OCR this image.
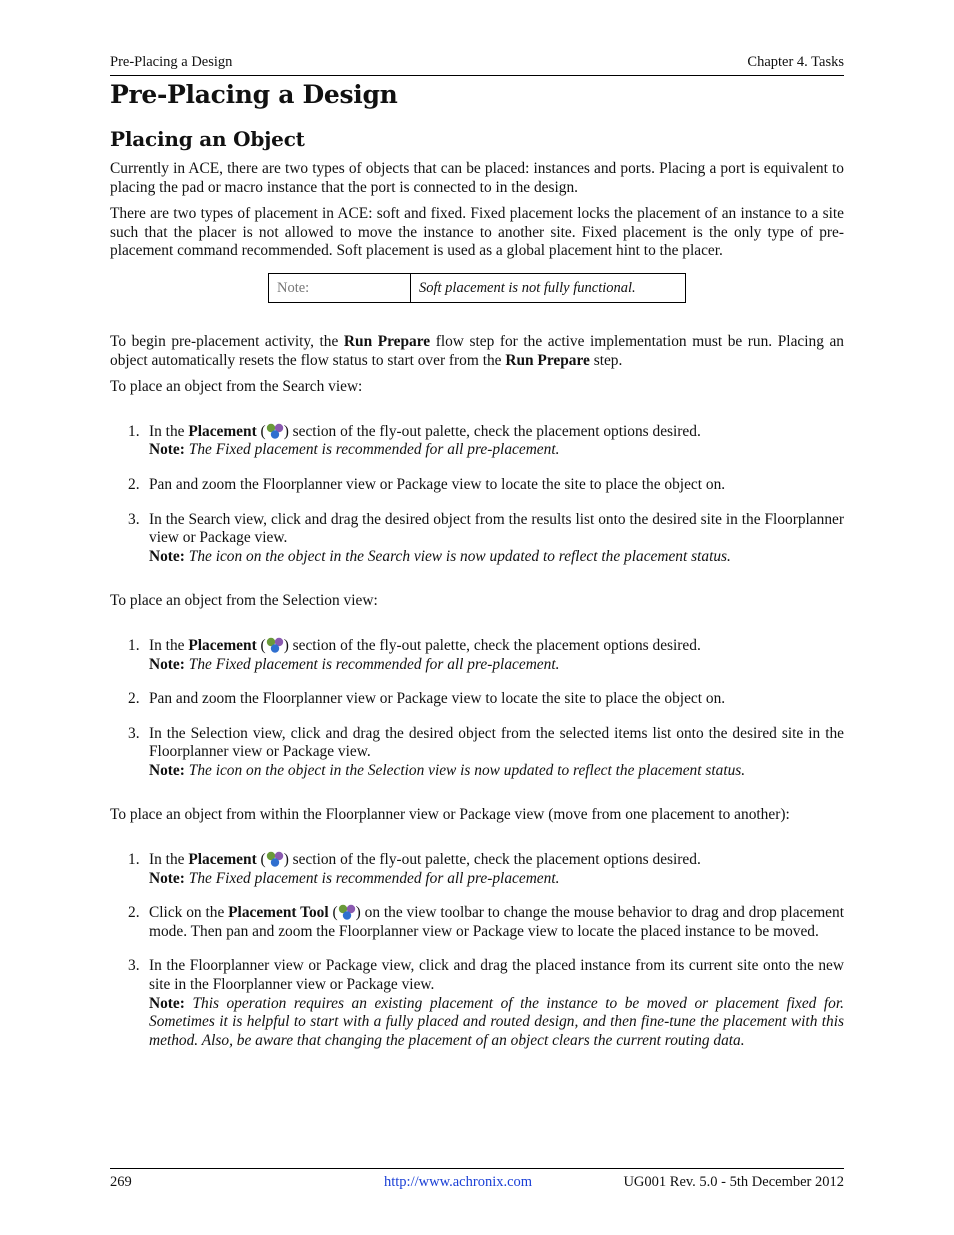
Pre-Placing a Design	Chapter 4. Tasks
Pre-Placing a Design
Placing an Object

Currently in ACE, there are two types of objects that can be placed: instances and ports. Placing a port is equivalent to placing the pad or macro instance that the port is connected to in the design.

There are two types of placement in ACE: soft and fixed. Fixed placement locks the placement of an instance to a site such that the placer is not allowed to move the instance to another site. Fixed placement is the only type of pre-placement command recommended. Soft placement is used as a global placement hint to the placer.

Note:	Soft placement is not fully functional.

To begin pre-placement activity, the Run Prepare flow step for the active implementation must be run. Placing an object automatically resets the flow status to start over from the Run Prepare step.

To place an object from the Search view:

1. In the Placement ( ) section of the fly-out palette, check the placement options desired.
Note: The Fixed placement is recommended for all pre-placement.
2. Pan and zoom the Floorplanner view or Package view to locate the site to place the object on.
3. In the Search view, click and drag the desired object from the results list onto the desired site in the Floorplanner view or Package view.
Note: The icon on the object in the Search view is now updated to reflect the placement status.

To place an object from the Selection view:

1. In the Placement ( ) section of the fly-out palette, check the placement options desired.
Note: The Fixed placement is recommended for all pre-placement.
2. Pan and zoom the Floorplanner view or Package view to locate the site to place the object on.
3. In the Selection view, click and drag the desired object from the selected items list onto the desired site in the Floorplanner view or Package view.
Note: The icon on the object in the Selection view is now updated to reflect the placement status.

To place an object from within the Floorplanner view or Package view (move from one placement to another):

1. In the Placement ( ) section of the fly-out palette, check the placement options desired.
Note: The Fixed placement is recommended for all pre-placement.
2. Click on the Placement Tool ( ) on the view toolbar to change the mouse behavior to drag and drop placement mode. Then pan and zoom the Floorplanner view or Package view to locate the placed instance to be moved.
3. In the Floorplanner view or Package view, click and drag the placed instance from its current site onto the new site in the Floorplanner view or Package view.
Note: This operation requires an existing placement of the instance to be moved or placement fixed for. Sometimes it is helpful to start with a fully placed and routed design, and then fine-tune the placement with this method. Also, be aware that changing the placement of an object clears the current routing data.
269	http://www.achronix.com	UG001 Rev. 5.0 - 5th December 2012
